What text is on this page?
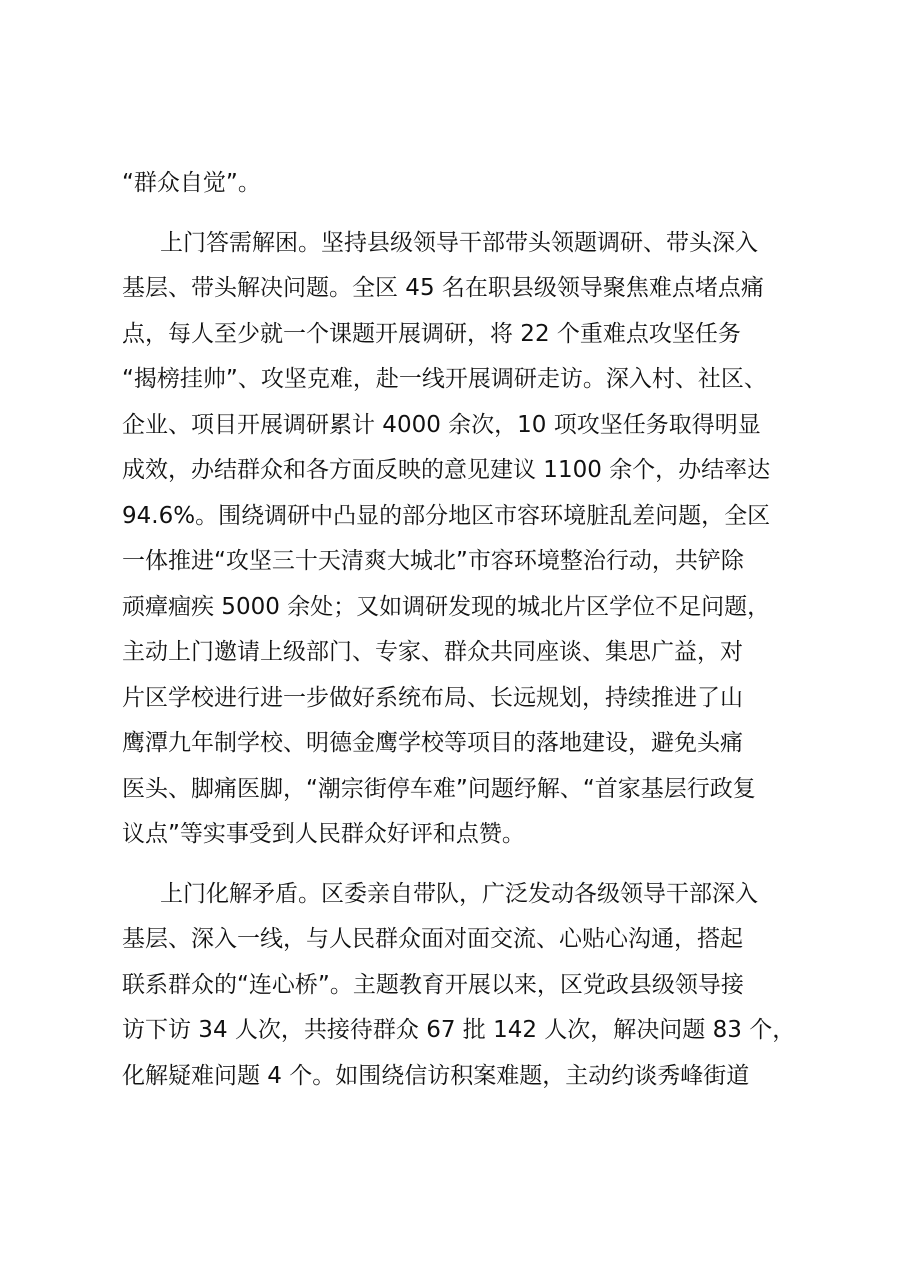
“群众自觉”。
上门答需解困。坚持县级领导干部带头领题调研、带头深入
基层、带头解决问题。全区 45 名在职县级领导聚焦难点堵点痛
点，每人至少就一个课题开展调研，将 22 个重难点攻坚任务
“揭榜挂帅”、攻坚克难，赴一线开展调研走访。深入村、社区、
企业、项目开展调研累计 4000 余次，10 项攻坚任务取得明显
成效，办结群众和各方面反映的意见建议 1100 余个，办结率达
94.6%。围绕调研中凸显的部分地区市容环境脏乱差问题，全区
一体推进“攻坚三十天清爽大城北”市容环境整治行动，共铲除
顽瘴痼疾 5000 余处；又如调研发现的城北片区学位不足问题，
主动上门邀请上级部门、专家、群众共同座谈、集思广益，对
片区学校进行进一步做好系统布局、长远规划，持续推进了山
鹰潭九年制学校、明德金鹰学校等项目的落地建设，避免头痛
医头、脚痛医脚，“潮宗街停车难”问题纾解、“首家基层行政复
议点”等实事受到人民群众好评和点赞。
上门化解矛盾。区委亲自带队，广泛发动各级领导干部深入
基层、深入一线，与人民群众面对面交流、心贴心沟通，搭起
联系群众的“连心桥”。主题教育开展以来，区党政县级领导接
访下访 34 人次，共接待群众 67 批 142 人次，解决问题 83 个，
化解疑难问题 4 个。如围绕信访积案难题，主动约谈秀峰街道
